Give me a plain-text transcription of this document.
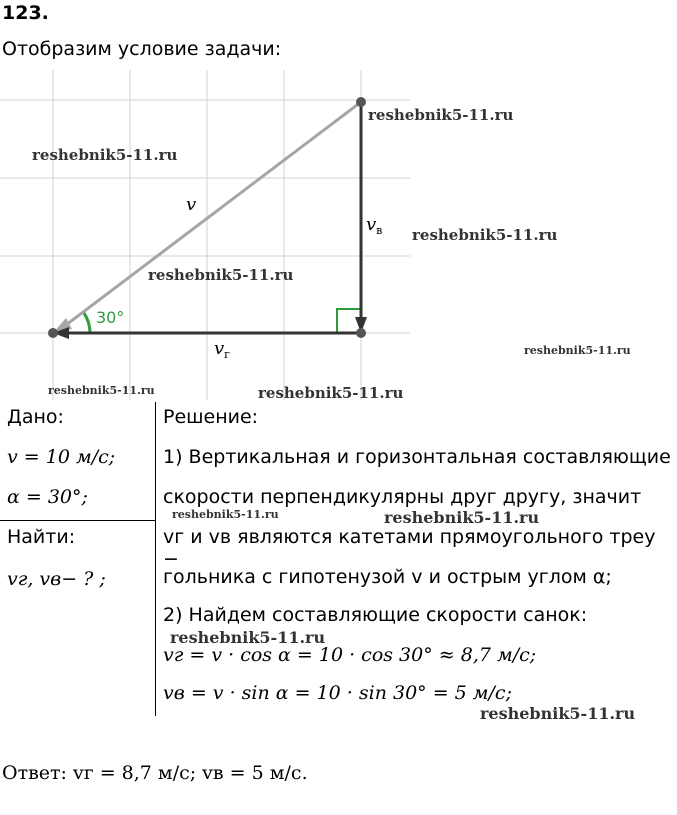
123.
Отобразим условие задачи:
v
$v_в$
$v_г$
30°
reshebnik5-11.ru
reshebnik5-11.ru
reshebnik5-11.ru
reshebnik5-11.ru
reshebnik5-11.ru
reshebnik5-11.ru	reshebnik5-11.ru
Дано:
v = 10 м/с;
α = 30°;
Найти:
vг, vв− ? ;
Решение:
1) Вертикальная и горизонтальная составляющие
скорости перпендикулярны друг другу, значит
vг и vв являются катетами прямоугольного треу −
гольника с гипотенузой v и острым углом α;
2) Найдем составляющие скорости санок:
vг = v · cos α = 10 · cos 30° ≈ 8,7 м/с;
vв = v · sin α = 10 · sin 30° = 5 м/с;
reshebnik5-11.ru	reshebnik5-11.ru
reshebnik5-11.ru
reshebnik5-11.ru
Ответ: vг = 8,7 м/с; vв = 5 м/с.
